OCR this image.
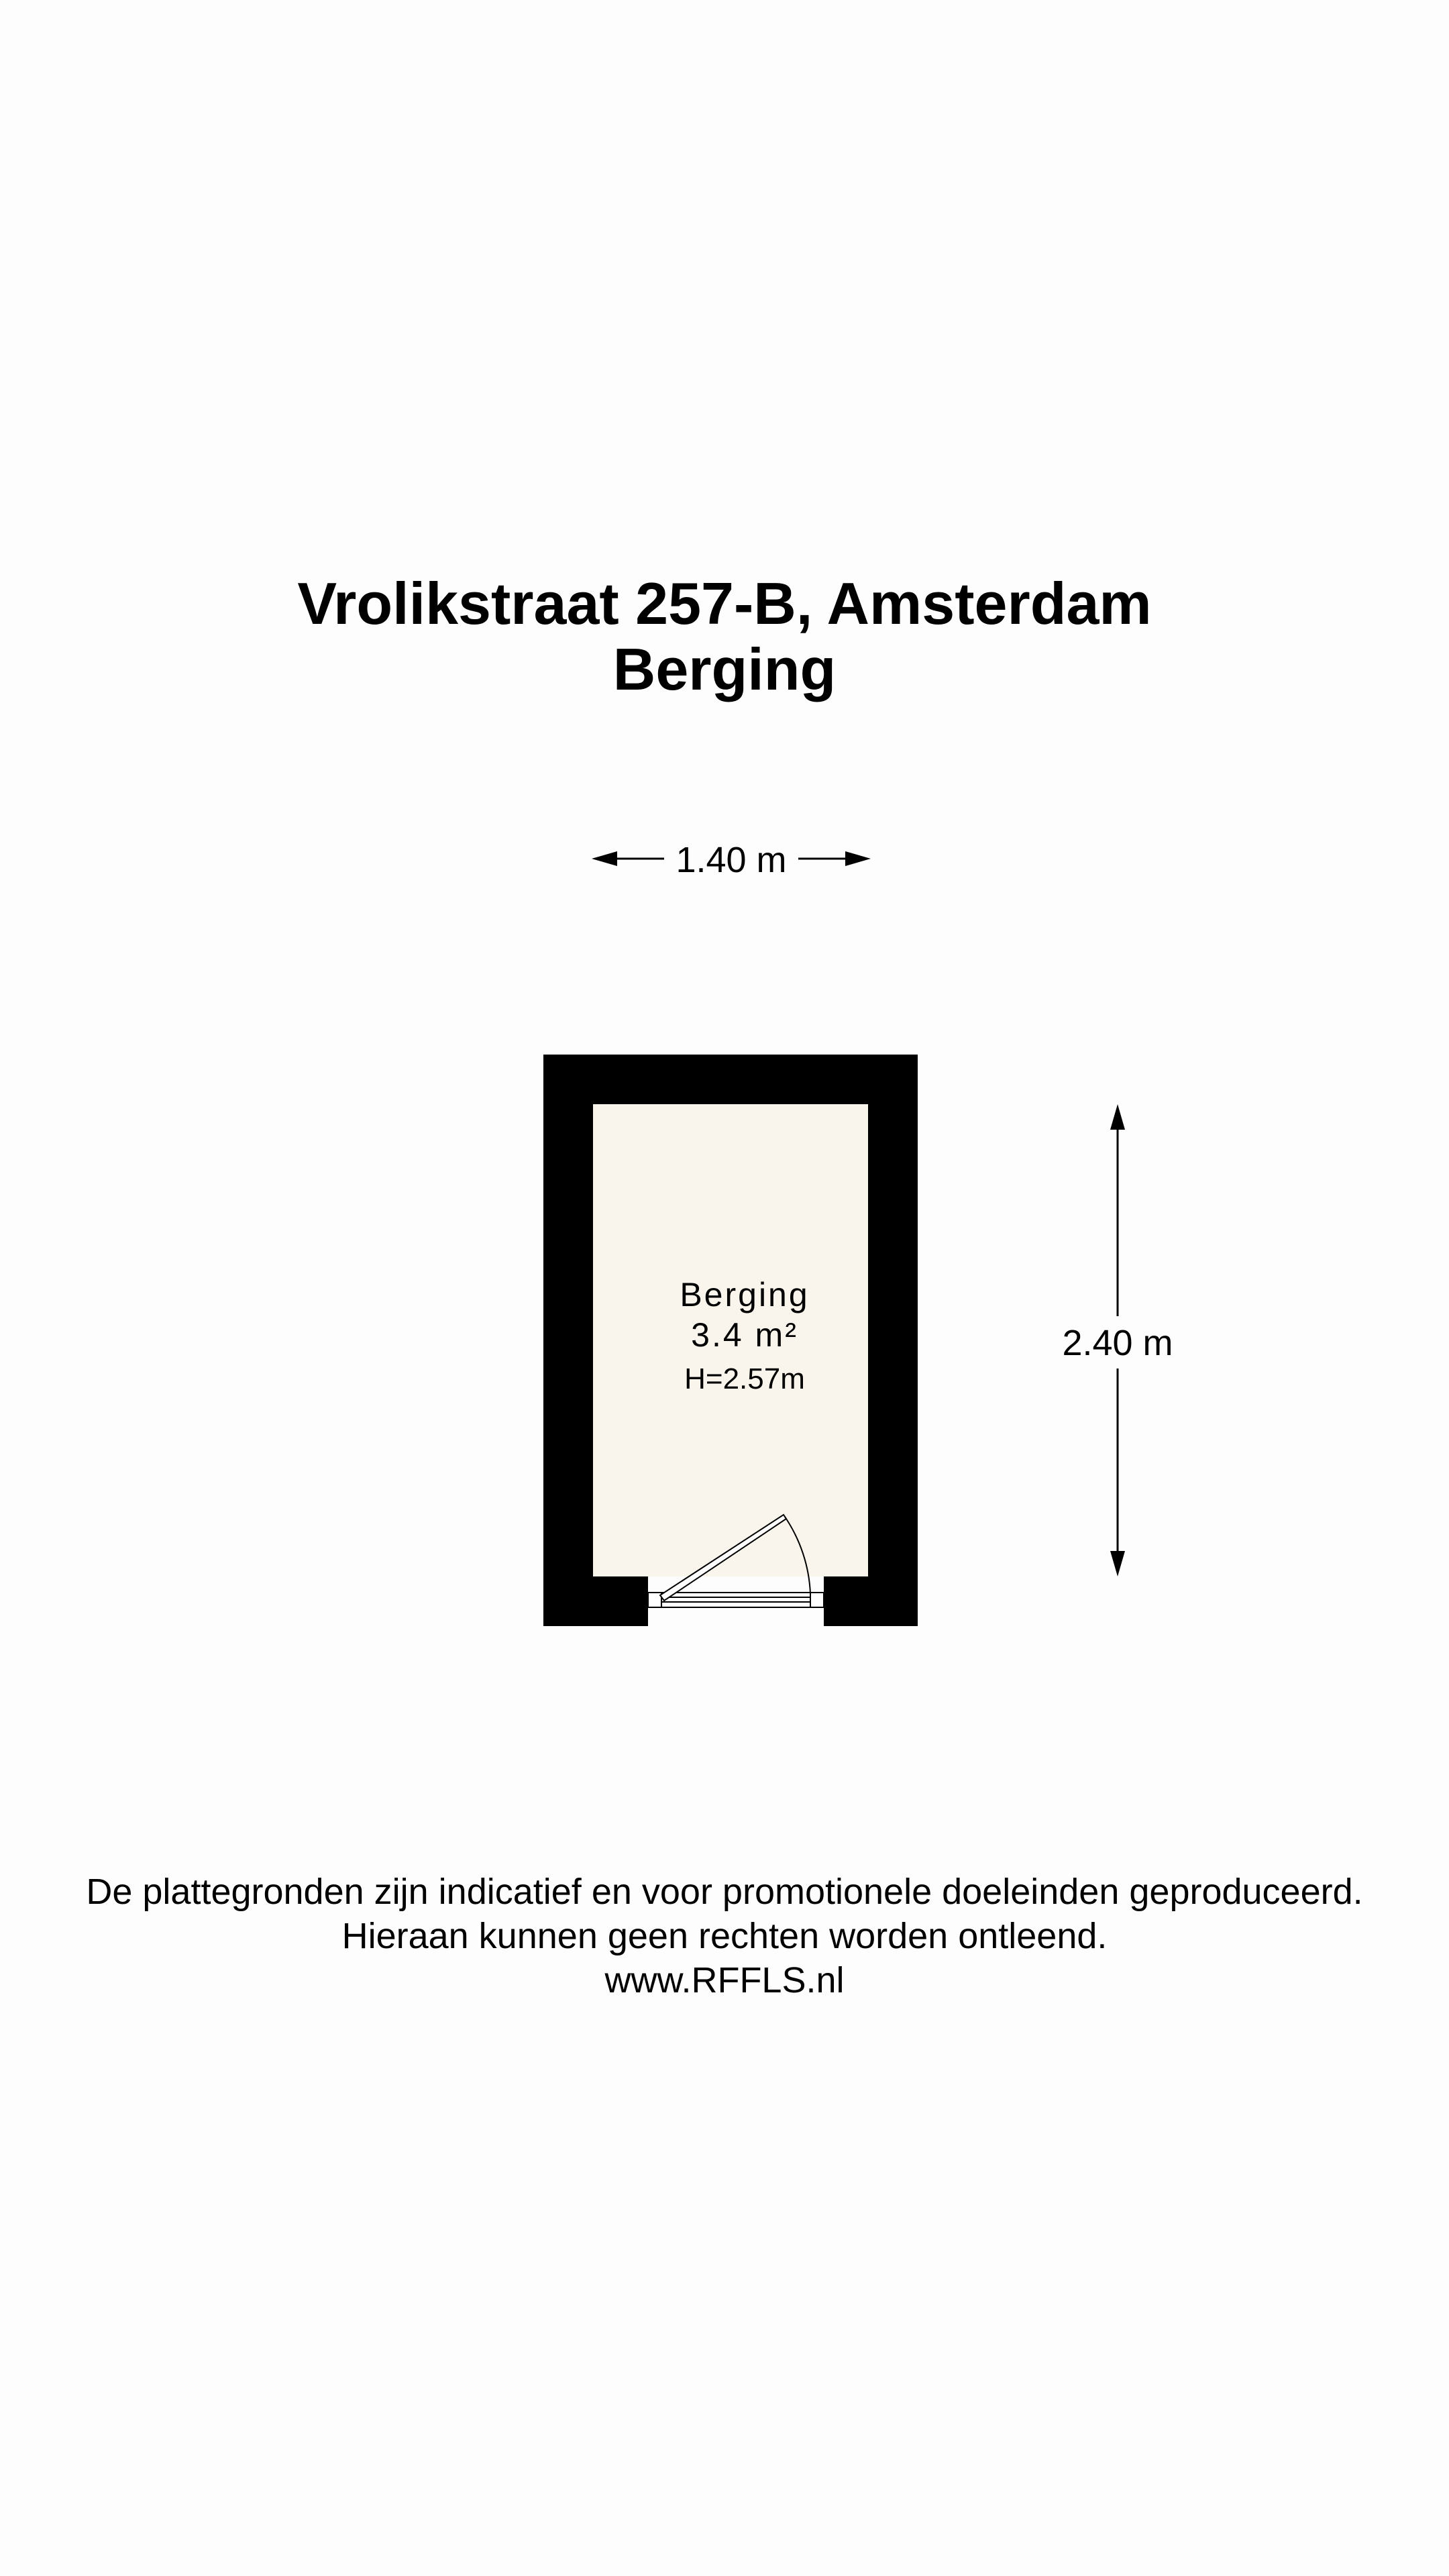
Vrolikstraat 257-B, Amsterdam
Berging
1.40 m
Berging
3.4 m²
H=2.57m
2.40 m
De plattegronden zijn indicatief en voor promotionele doeleinden geproduceerd.
Hieraan kunnen geen rechten worden ontleend.
www.RFFLS.nl
